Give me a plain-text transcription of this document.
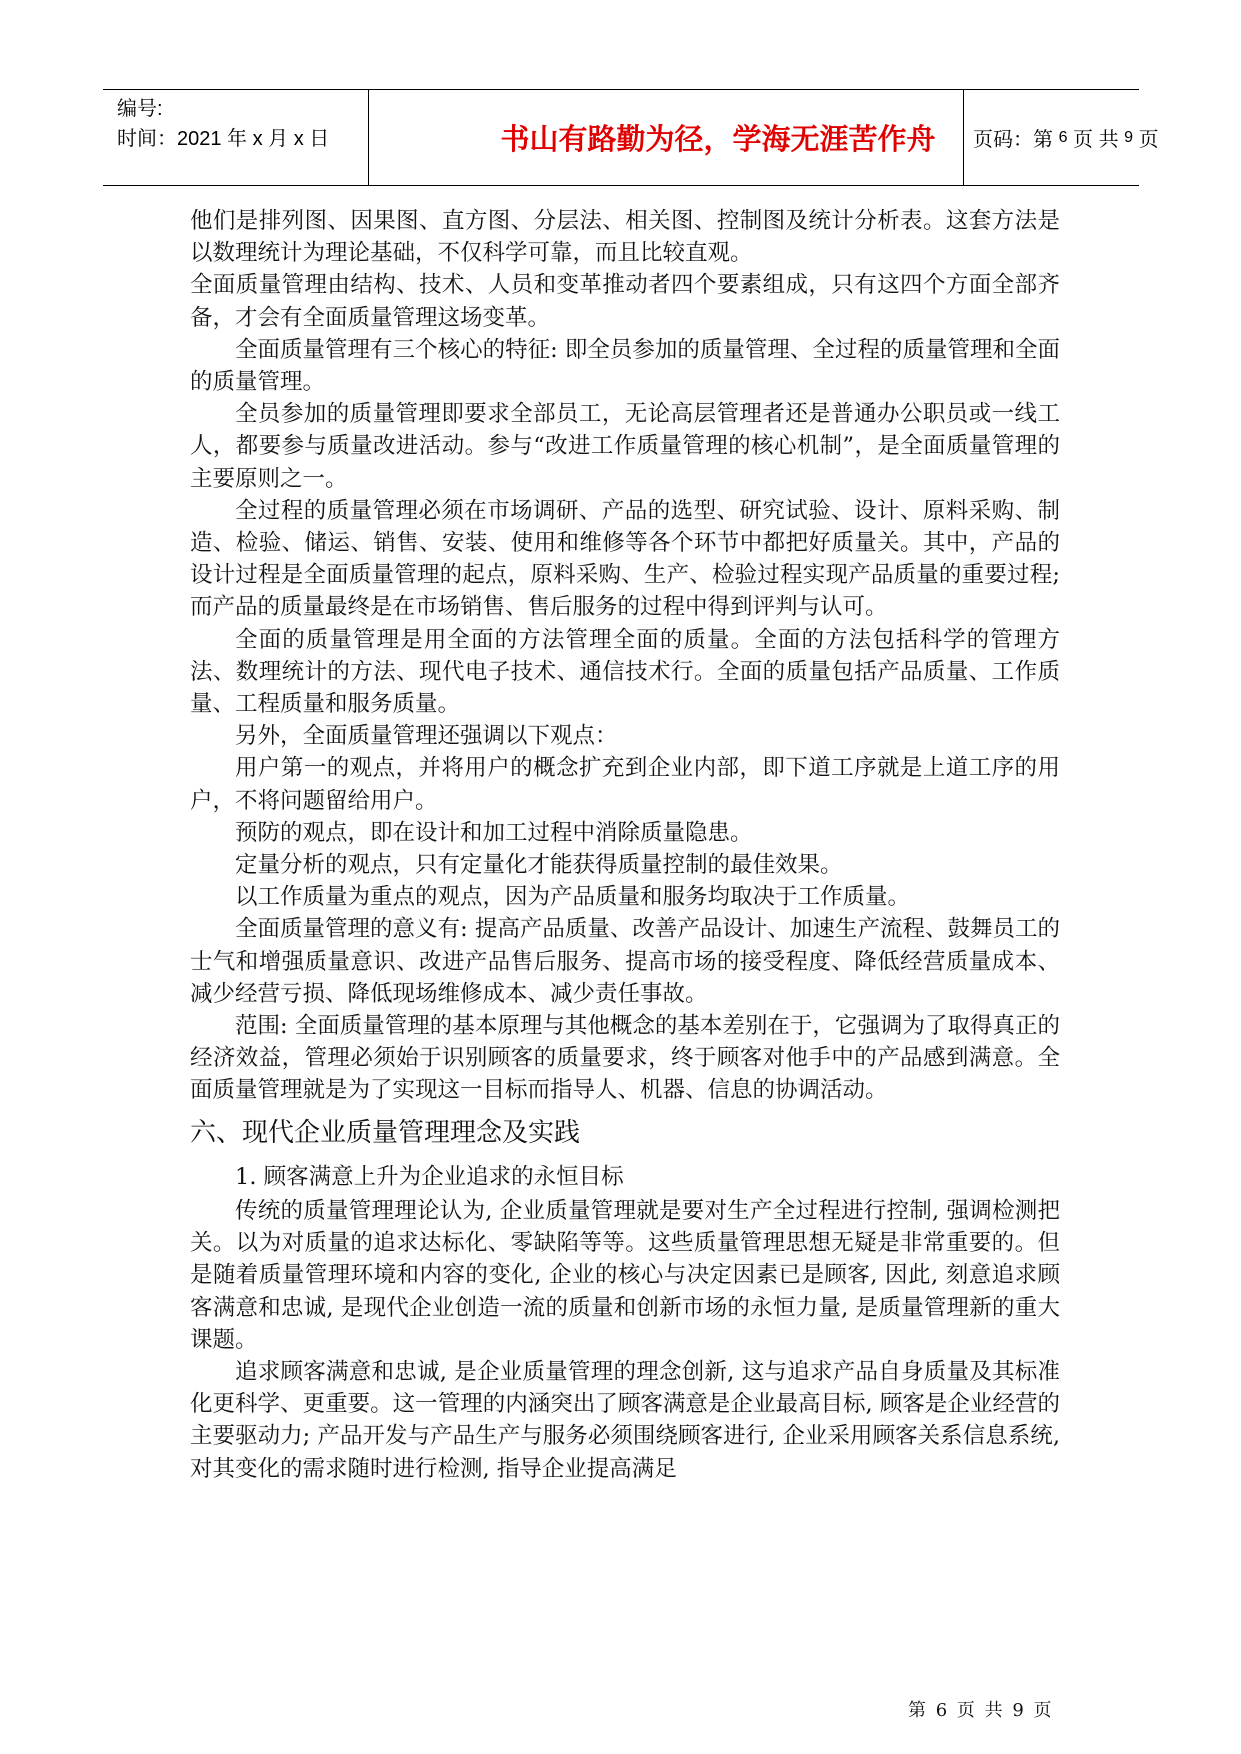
编号:
时间：2021 年 x 月 x 日	书山有路勤为径，学海无涯苦作舟	页码：第
6
页 共
9
页

他们是排列图、因果图、直方图、分层法、相关图、控制图及统计分析表。这套方法是以数理统计为理论基础，不仅科学可靠，而且比较直观。

全面质量管理由结构、技术、人员和变革推动者四个要素组成，只有这四个方面全部齐备，才会有全面质量管理这场变革。

全面质量管理有三个核心的特征: 即全员参加的质量管理、全过程的质量管理和全面的质量管理。

全员参加的质量管理即要求全部员工，无论高层管理者还是普通办公职员或一线工人，都要参与质量改进活动。参与“改进工作质量管理的核心机制”，是全面质量管理的主要原则之一。

全过程的质量管理必须在市场调研、产品的选型、研究试验、设计、原料采购、制造、检验、储运、销售、安装、使用和维修等各个环节中都把好质量关。其中，产品的设计过程是全面质量管理的起点，原料采购、生产、检验过程实现产品质量的重要过程; 而产品的质量最终是在市场销售、售后服务的过程中得到评判与认可。

全面的质量管理是用全面的方法管理全面的质量。全面的方法包括科学的管理方法、数理统计的方法、现代电子技术、通信技术行。全面的质量包括产品质量、工作质量、工程质量和服务质量。

另外，全面质量管理还强调以下观点：

用户第一的观点，并将用户的概念扩充到企业内部，即下道工序就是上道工序的用户，不将问题留给用户。

预防的观点，即在设计和加工过程中消除质量隐患。

定量分析的观点，只有定量化才能获得质量控制的最佳效果。

以工作质量为重点的观点，因为产品质量和服务均取决于工作质量。

全面质量管理的意义有: 提高产品质量、改善产品设计、加速生产流程、鼓舞员工的士气和增强质量意识、改进产品售后服务、提高市场的接受程度、降低经营质量成本、减少经营亏损、降低现场维修成本、减少责任事故。

范围: 全面质量管理的基本原理与其他概念的基本差别在于，它强调为了取得真正的经济效益，管理必须始于识别顾客的质量要求，终于顾客对他手中的产品感到满意。全面质量管理就是为了实现这一目标而指导人、机器、信息的协调活动。

六、现代企业质量管理理念及实践

1. 顾客满意上升为企业追求的永恒目标

传统的质量管理理论认为, 企业质量管理就是要对生产全过程进行控制, 强调检测把关。以为对质量的追求达标化、零缺陷等等。这些质量管理思想无疑是非常重要的。但是随着质量管理环境和内容的变化, 企业的核心与决定因素已是顾客, 因此, 刻意追求顾客满意和忠诚, 是现代企业创造一流的质量和创新市场的永恒力量, 是质量管理新的重大课题。

追求顾客满意和忠诚, 是企业质量管理的理念创新, 这与追求产品自身质量及其标准化更科学、更重要。这一管理的内涵突出了顾客满意是企业最高目标, 顾客是企业经营的主要驱动力; 产品开发与产品生产与服务必须围绕顾客进行, 企业采用顾客关系信息系统, 对其变化的需求随时进行检测, 指导企业提高满足

第 6 页 共 9 页
